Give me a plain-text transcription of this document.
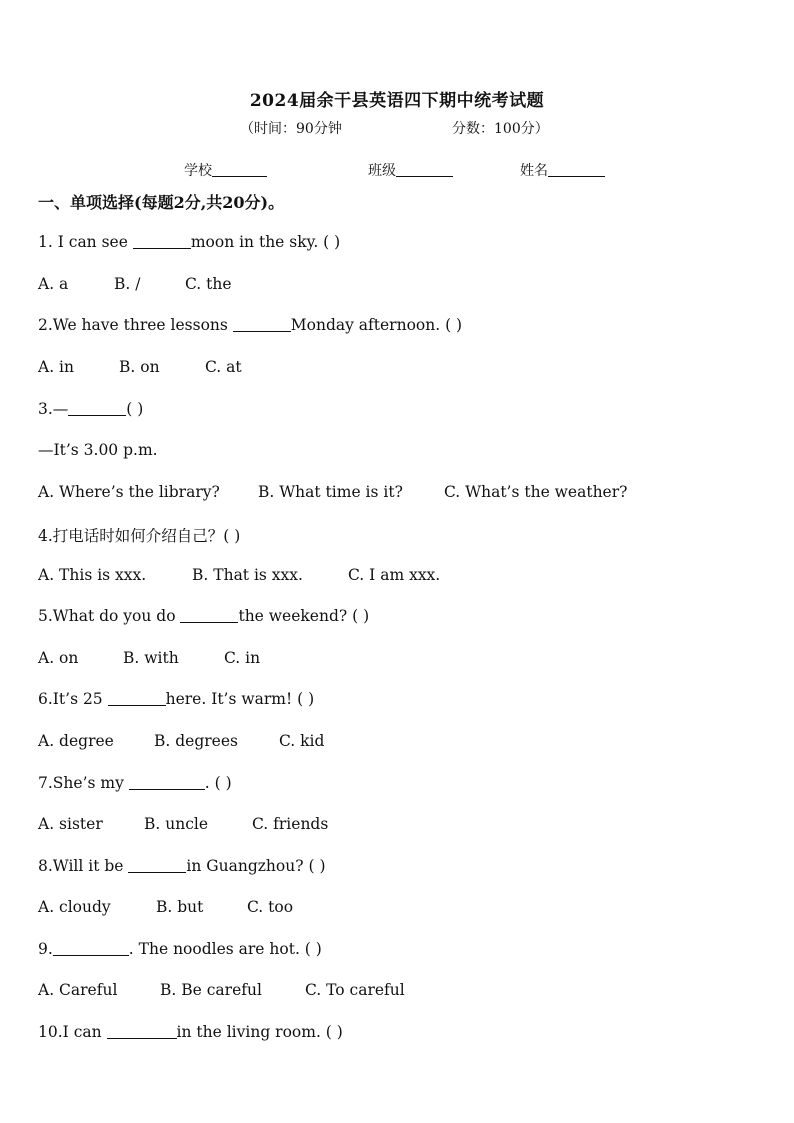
2024届余干县英语四下期中统考试题
（时间：90分钟	分数：100分）
学校	班级	姓名
一、单项选择(每题2分,共20分)。
1. I can see	moon in the sky. ( )
A. a	B. /	C. the
2.We have three lessons	Monday afternoon. ( )
A. in	B. on	C. at
3.—	( )
—It’s 3.00 p.m.
A. Where’s the library? B. What time is it?	C. What’s the weather?
4.打电话时如何介绍自己？( )
A. This is xxx.	B. That is xxx.	C. I am xxx.
5.What do you do	the weekend? ( )
A. on	B. with	C. in
6.It’s 25	here. It’s warm! ( )
A. degree	B. degrees	C. kid
7.She’s my	. ( )
A. sister	B. uncle	C. friends
8.Will it be	in Guangzhou? ( )
A. cloudy	B. but	C. too
9.	. The noodles are hot. ( )
A. Careful	B. Be careful	C. To careful
10.I can	in the living room. ( )
